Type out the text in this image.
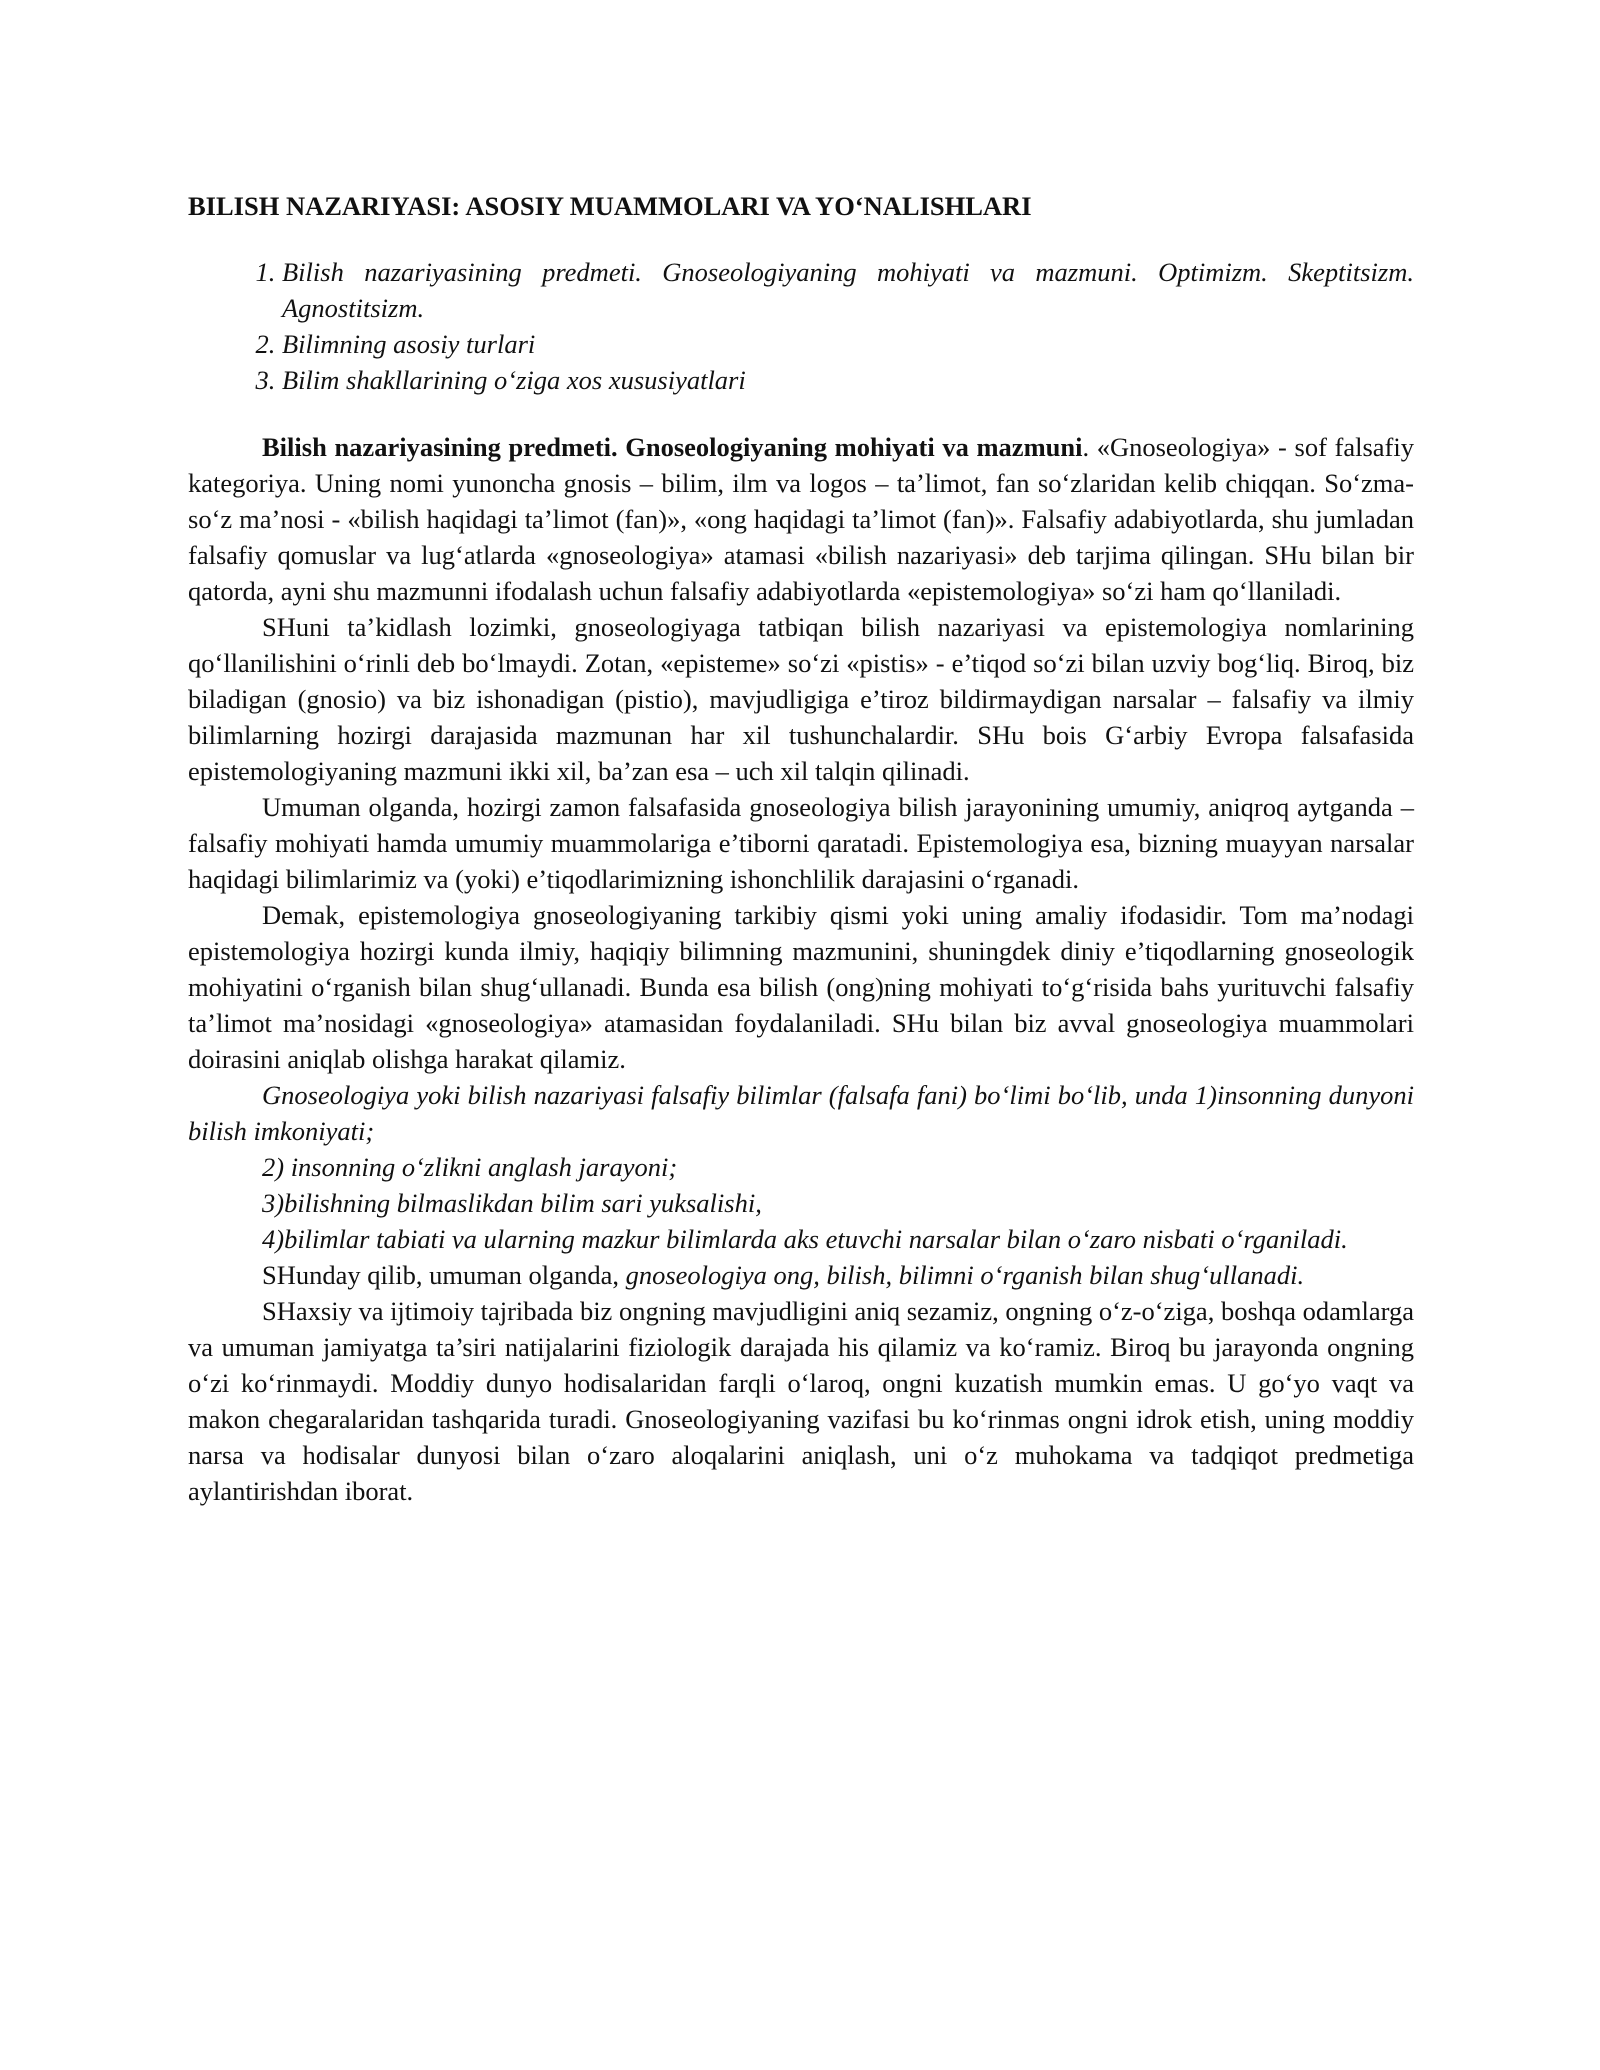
BILISH NAZARIYASI: ASOSIY MUAMMOLARI VA YO‘NALISHLARI
1. Bilish nazariyasining predmeti. Gnoseologiyaning mohiyati va mazmuni. Optimizm. Skeptitsizm. Agnostitsizm.
2. Bilimning asosiy turlari
3. Bilim shakllarining o‘ziga xos xususiyatlari

Bilish nazariyasining predmeti. Gnoseologiyaning mohiyati va mazmuni. «Gnoseologiya» - sof falsafiy kategoriya. Uning nomi yunoncha gnosis – bilim, ilm va logos – ta’limot, fan so‘zlaridan kelib chiqqan. So‘zma-so‘z ma’nosi - «bilish haqidagi ta’limot (fan)», «ong haqidagi ta’limot (fan)». Falsafiy adabiyotlarda, shu jumladan falsafiy qomuslar va lug‘atlarda «gnoseologiya» atamasi «bilish nazariyasi» deb tarjima qilingan. SHu bilan bir qatorda, ayni shu mazmunni ifodalash uchun falsafiy adabiyotlarda «epistemologiya» so‘zi ham qo‘llaniladi.

SHuni ta’kidlash lozimki, gnoseologiyaga tatbiqan bilish nazariyasi va epistemologiya nomlarining qo‘llanilishini o‘rinli deb bo‘lmaydi. Zotan, «episteme» so‘zi «pistis» - e’tiqod so‘zi bilan uzviy bog‘liq. Biroq, biz biladigan (gnosio) va biz ishonadigan (pistio), mavjudligiga e’tiroz bildirmaydigan narsalar – falsafiy va ilmiy bilimlarning hozirgi darajasida mazmunan har xil tushunchalardir. SHu bois G‘arbiy Evropa falsafasida epistemologiyaning mazmuni ikki xil, ba’zan esa – uch xil talqin qilinadi.

Umuman olganda, hozirgi zamon falsafasida gnoseologiya bilish jarayonining umumiy, aniqroq aytganda – falsafiy mohiyati hamda umumiy muammolariga e’tiborni qaratadi. Epistemologiya esa, bizning muayyan narsalar haqidagi bilimlarimiz va (yoki) e’tiqodlarimizning ishonchlilik darajasini o‘rganadi.

Demak, epistemologiya gnoseologiyaning tarkibiy qismi yoki uning amaliy ifodasidir. Tom ma’nodagi epistemologiya hozirgi kunda ilmiy, haqiqiy bilimning mazmunini, shuningdek diniy e’tiqodlarning gnoseologik mohiyatini o‘rganish bilan shug‘ullanadi. Bunda esa bilish (ong)ning mohiyati to‘g‘risida bahs yurituvchi falsafiy ta’limot ma’nosidagi «gnoseologiya» atamasidan foydalaniladi. SHu bilan biz avval gnoseologiya muammolari doirasini aniqlab olishga harakat qilamiz.

Gnoseologiya yoki bilish nazariyasi falsafiy bilimlar (falsafa fani) bo‘limi bo‘lib, unda 1)insonning dunyoni bilish imkoniyati;

2) insonning o‘zlikni anglash jarayoni;

3)bilishning bilmaslikdan bilim sari yuksalishi,

4)bilimlar tabiati va ularning mazkur bilimlarda aks etuvchi narsalar bilan o‘zaro nisbati o‘rganiladi.

SHunday qilib, umuman olganda, gnoseologiya ong, bilish, bilimni o‘rganish bilan shug‘ullanadi.

SHaxsiy va ijtimoiy tajribada biz ongning mavjudligini aniq sezamiz, ongning o‘z-o‘ziga, boshqa odamlarga va umuman jamiyatga ta’siri natijalarini fiziologik darajada his qilamiz va ko‘ramiz. Biroq bu jarayonda ongning o‘zi ko‘rinmaydi. Moddiy dunyo hodisalaridan farqli o‘laroq, ongni kuzatish mumkin emas. U go‘yo vaqt va makon chegaralaridan tashqarida turadi. Gnoseologiyaning vazifasi bu ko‘rinmas ongni idrok etish, uning moddiy narsa va hodisalar dunyosi bilan o‘zaro aloqalarini aniqlash, uni o‘z muhokama va tadqiqot predmetiga aylantirishdan iborat.
